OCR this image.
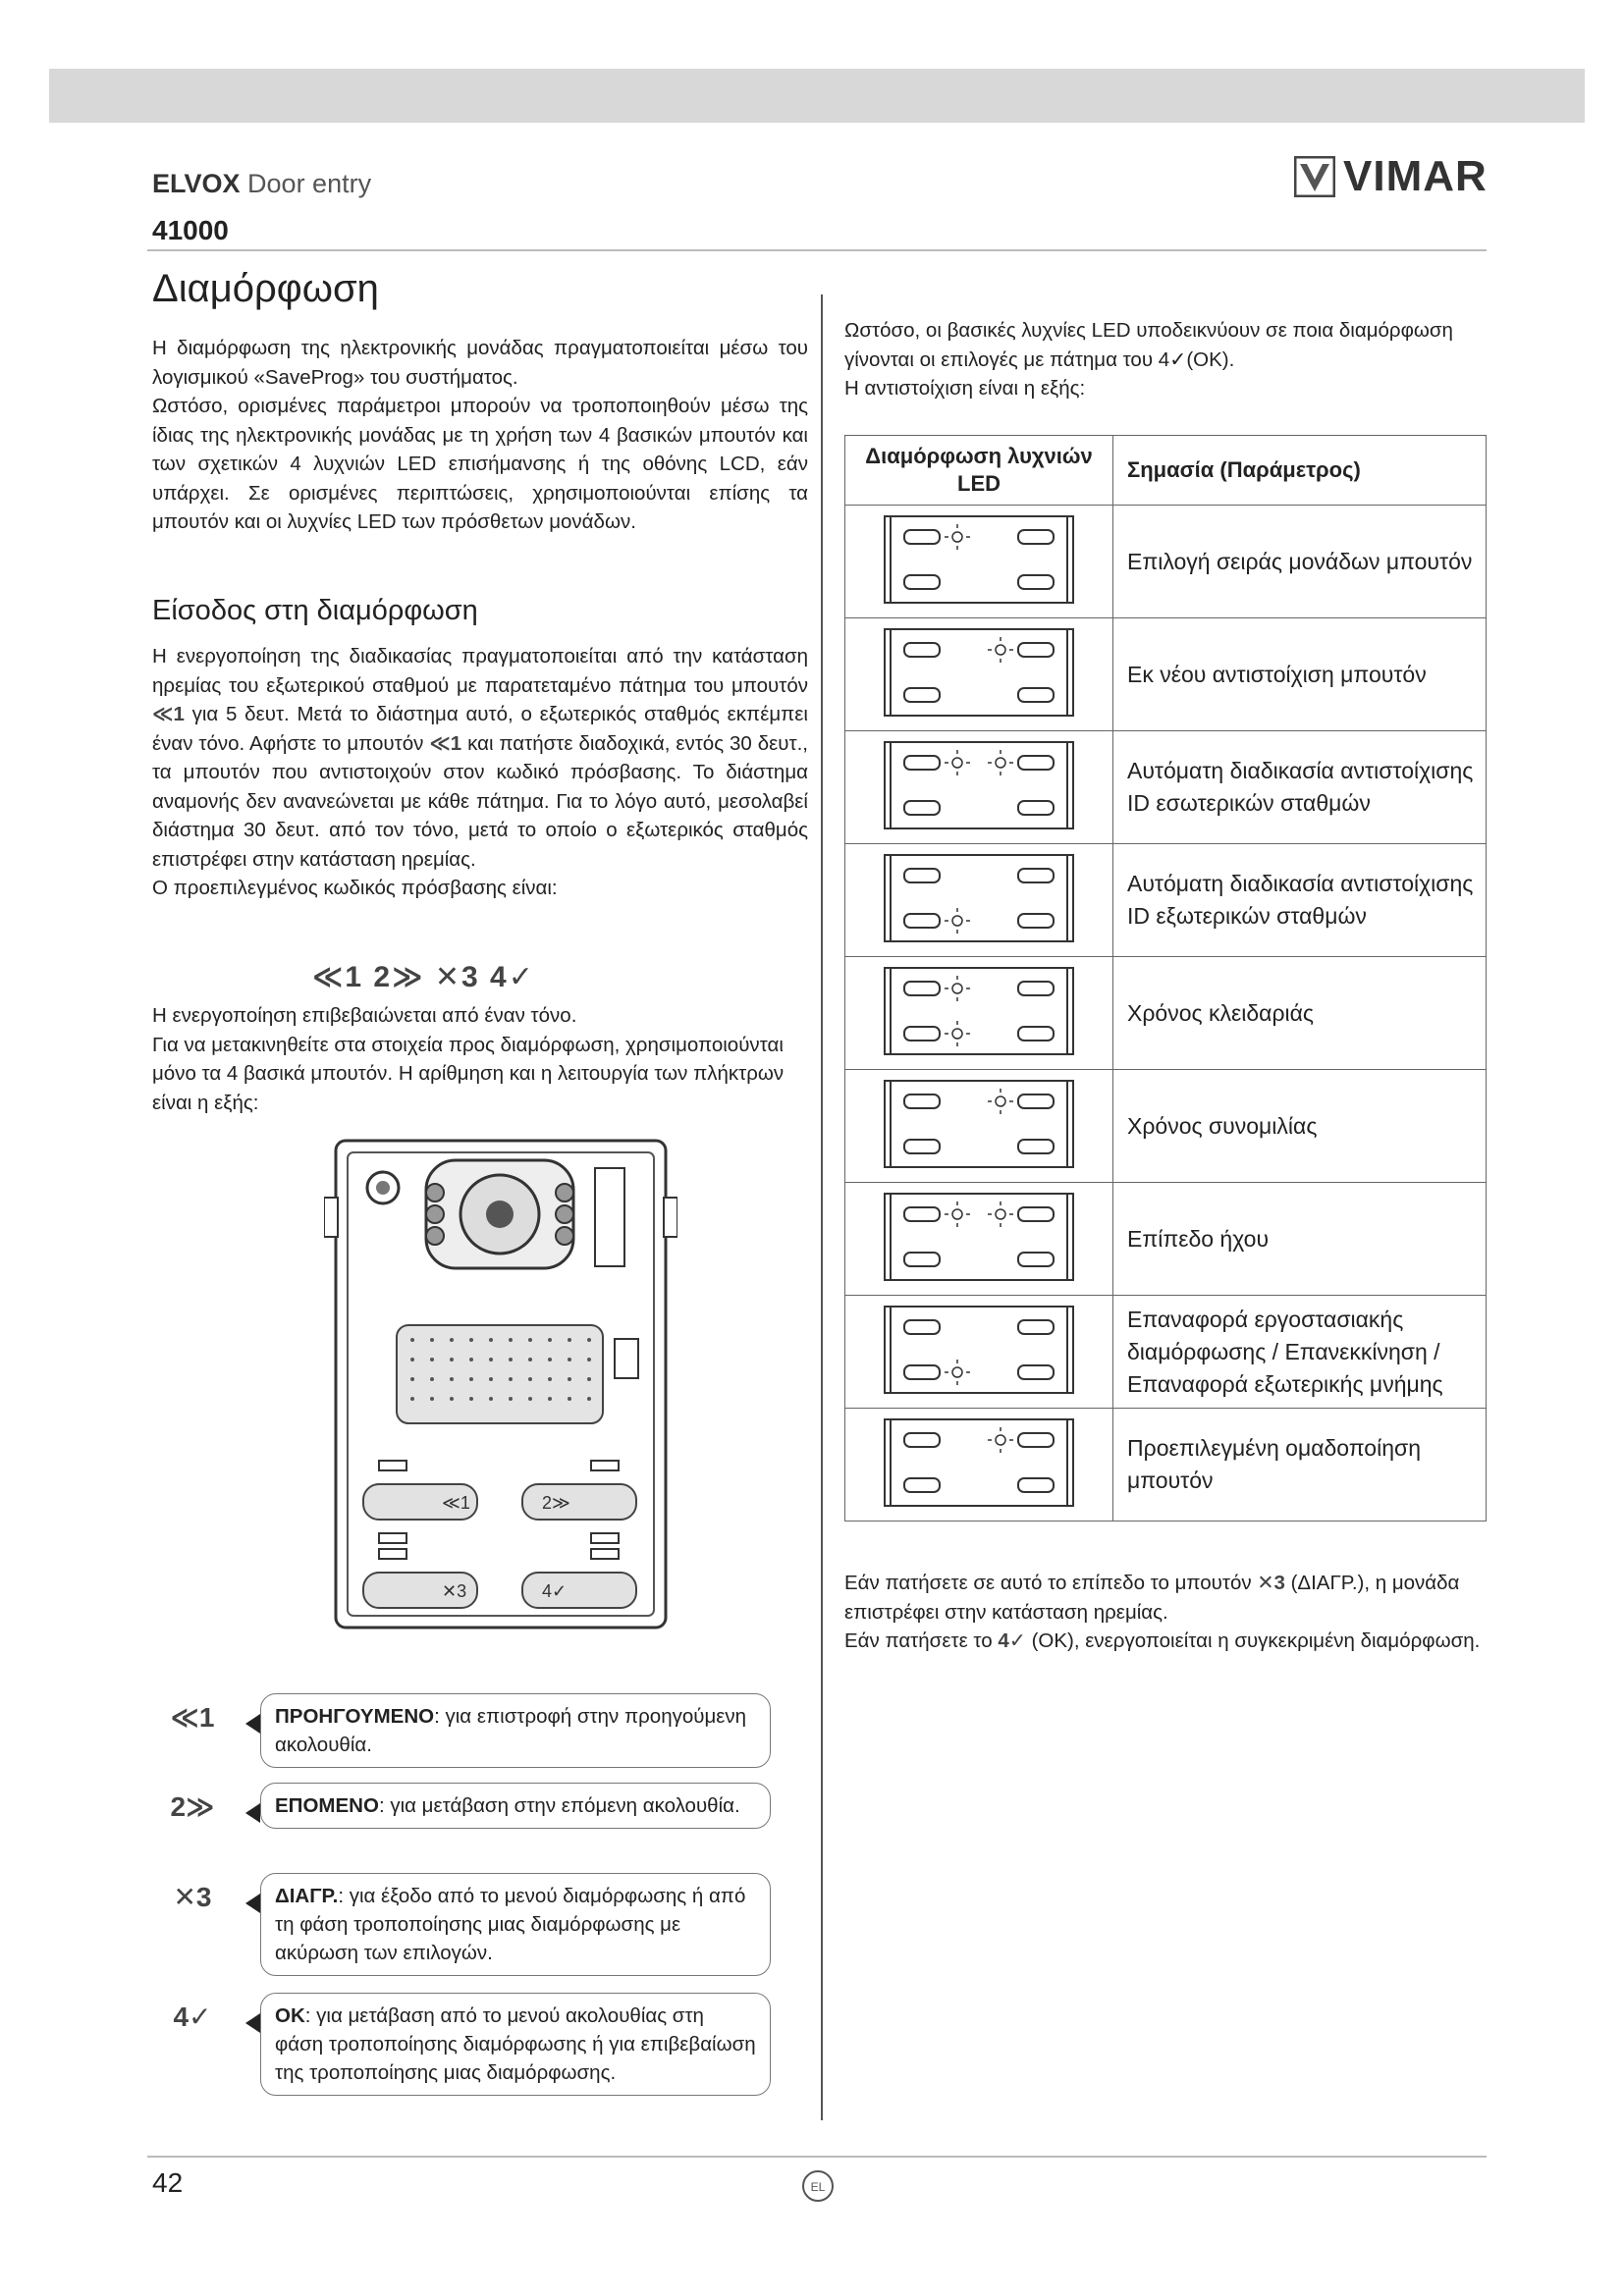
ELVOX Door entry	VIMAR
41000
Διαμόρφωση

Η διαμόρφωση της ηλεκτρονικής μονάδας πραγματοποιείται μέσω του λογισμικού «SaveProg» του συστήματος.

Ωστόσο, ορισμένες παράμετροι μπορούν να τροποποιηθούν μέσω της ίδιας της ηλεκτρονικής μονάδας με τη χρήση των 4 βασικών μπουτόν και των σχετικών 4 λυχνιών LED επισήμανσης ή της οθόνης LCD, εάν υπάρχει. Σε ορισμένες περιπτώσεις, χρησιμοποιούνται επίσης τα μπουτόν και οι λυχνίες LED των πρόσθετων μονάδων.

Είσοδος στη διαμόρφωση

Η ενεργοποίηση της διαδικασίας πραγματοποιείται από την κατάσταση ηρεμίας του εξωτερικού σταθμού με παρατεταμένο πάτημα του μπουτόν ≪1 για 5 δευτ. Μετά το διάστημα αυτό, ο εξωτερικός σταθμός εκπέμπει έναν τόνο. Αφήστε το μπουτόν ≪1 και πατήστε διαδοχικά, εντός 30 δευτ., τα μπουτόν που αντιστοιχούν στον κωδικό πρόσβασης. Το διάστημα αναμονής δεν ανανεώνεται με κάθε πάτημα. Για το λόγο αυτό, μεσολαβεί διάστημα 30 δευτ. από τον τόνο, μετά το οποίο ο εξωτερικός σταθμός επιστρέφει στην κατάσταση ηρεμίας.

Ο προεπιλεγμένος κωδικός πρόσβασης είναι:

≪1 2≫ ✕3 4✓

Η ενεργοποίηση επιβεβαιώνεται από έναν τόνο.

Για να μετακινηθείτε στα στοιχεία προς διαμόρφωση, χρησιμοποιούνται μόνο τα 4 βασικά μπουτόν. Η αρίθμηση και η λειτουργία των πλήκτρων είναι η εξής:

≪1	2≫
✕3	4✓
≪1	ΠΡΟΗΓΟΥΜΕΝΟ: για επιστροφή στην προηγούμενη ακολουθία.
2≫	ΕΠΟΜΕΝΟ: για μετάβαση στην επόμενη ακολουθία.
✕3	ΔΙΑΓΡ.: για έξοδο από το μενού διαμόρφωσης ή από τη φάση τροποποίησης μιας διαμόρφωσης με ακύρωση των επιλογών.
4✓	ΟΚ: για μετάβαση από το μενού ακολουθίας στη φάση τροποποίησης διαμόρφωσης ή για επιβεβαίωση της τροποποίησης μιας διαμόρφωσης.

Ωστόσο, οι βασικές λυχνίες LED υποδεικνύουν σε ποια διαμόρφωση γίνονται οι επιλογές με πάτημα του 4✓(OK).

Η αντιστοίχιση είναι η εξής:

Διαμόρφωση λυχνιών LED	Σημασία (Παράμετρος)
	Επιλογή σειράς μονάδων μπουτόν
	Εκ νέου αντιστοίχιση μπουτόν
	Αυτόματη διαδικασία αντιστοίχισης ID εσωτερικών σταθμών
	Αυτόματη διαδικασία αντιστοίχισης ID εξωτερικών σταθμών
	Χρόνος κλειδαριάς
	Χρόνος συνομιλίας
	Επίπεδο ήχου
	Επαναφορά εργοστασιακής διαμόρφωσης / Επανεκκίνηση / Επαναφορά εξωτερικής μνήμης
	Προεπιλεγμένη ομαδοποίηση μπουτόν

Εάν πατήσετε σε αυτό το επίπεδο το μπουτόν ✕3 (ΔΙΑΓΡ.), η μονάδα επιστρέφει στην κατάσταση ηρεμίας.

Εάν πατήσετε το 4✓ (OK), ενεργοποιείται η συγκεκριμένη διαμόρφωση.

42	EL
